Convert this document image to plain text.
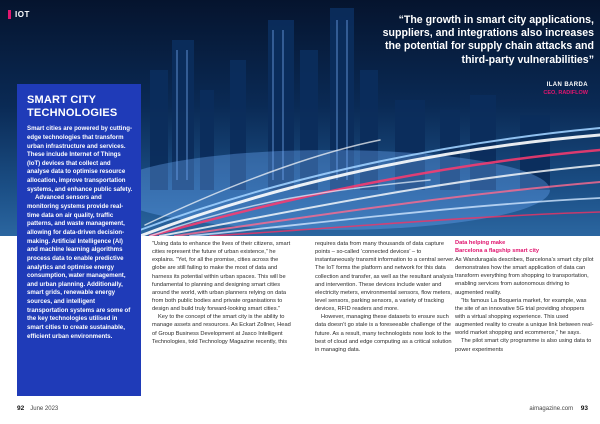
IOT	“The growth in smart city applications, suppliers, and integrations also increases the potential for supply chain attacks and third-party vulnerabilities”
ILAN BARDA
CEO, RADIFLOW
SMART CITY TECHNOLOGIES

Smart cities are powered by cutting-edge technologies that transform urban infrastructure and services. These include Internet of Things (IoT) devices that collect and analyse data to optimise resource allocation, improve transportation systems, and enhance public safety.

Advanced sensors and monitoring systems provide real-time data on air quality, traffic patterns, and waste management, allowing for data-driven decision-making. Artificial Intelligence (AI) and machine learning algorithms process data to enable predictive analytics and optimise energy consumption, water management, and urban planning. Additionally, smart grids, renewable energy sources, and intelligent transportation systems are some of the key technologies utilised in smart cities to create sustainable, efficient urban environments.

“Using data to enhance the lives of their citizens, smart cities represent the future of urban existence,” he explains. “Yet, for all the promise, cities across the globe are still failing to make the most of data and harness its potential within urban spaces. This will be fundamental to planning and designing smart cities around the world, with urban planners relying on data from both public bodies and private organisations to design and build truly forward-looking smart cities.”

Key to the concept of the smart city is the ability to manage assets and resources. As Eckart Zollner, Head of Group Business Development at Jasco Intelligent Technologies, told Technology Magazine recently, this

requires data from many thousands of data capture points – so-called ‘connected devices’ – to instantaneously transmit information to a central server. The IoT forms the platform and network for this data collection and transfer, as well as the resultant analysis and intervention. These devices include water and electricity meters, environmental sensors, flow meters, level sensors, parking sensors, a variety of tracking devices, RFID readers and more.

However, managing these datasets to ensure such data doesn’t go stale is a foreseeable challenge of the future. As a result, many technologists now look to the best of cloud and edge computing as a critical solution in managing data.

Data helping make
Barcelona a flagship smart city

As Wanduragala describes, Barcelona’s smart city pilot demonstrates how the smart application of data can transform everything from shopping to transportation, enabling services from autonomous driving to augmented reality.

“Its famous La Boqueria market, for example, was the site of an innovative 5G trial providing shoppers with a virtual shopping experience. This used augmented reality to create a unique link between real-world market shopping and ecommerce,” he says.

The pilot smart city programme is also using data to power experiments

92 June 2023	aimagazine.com 93
